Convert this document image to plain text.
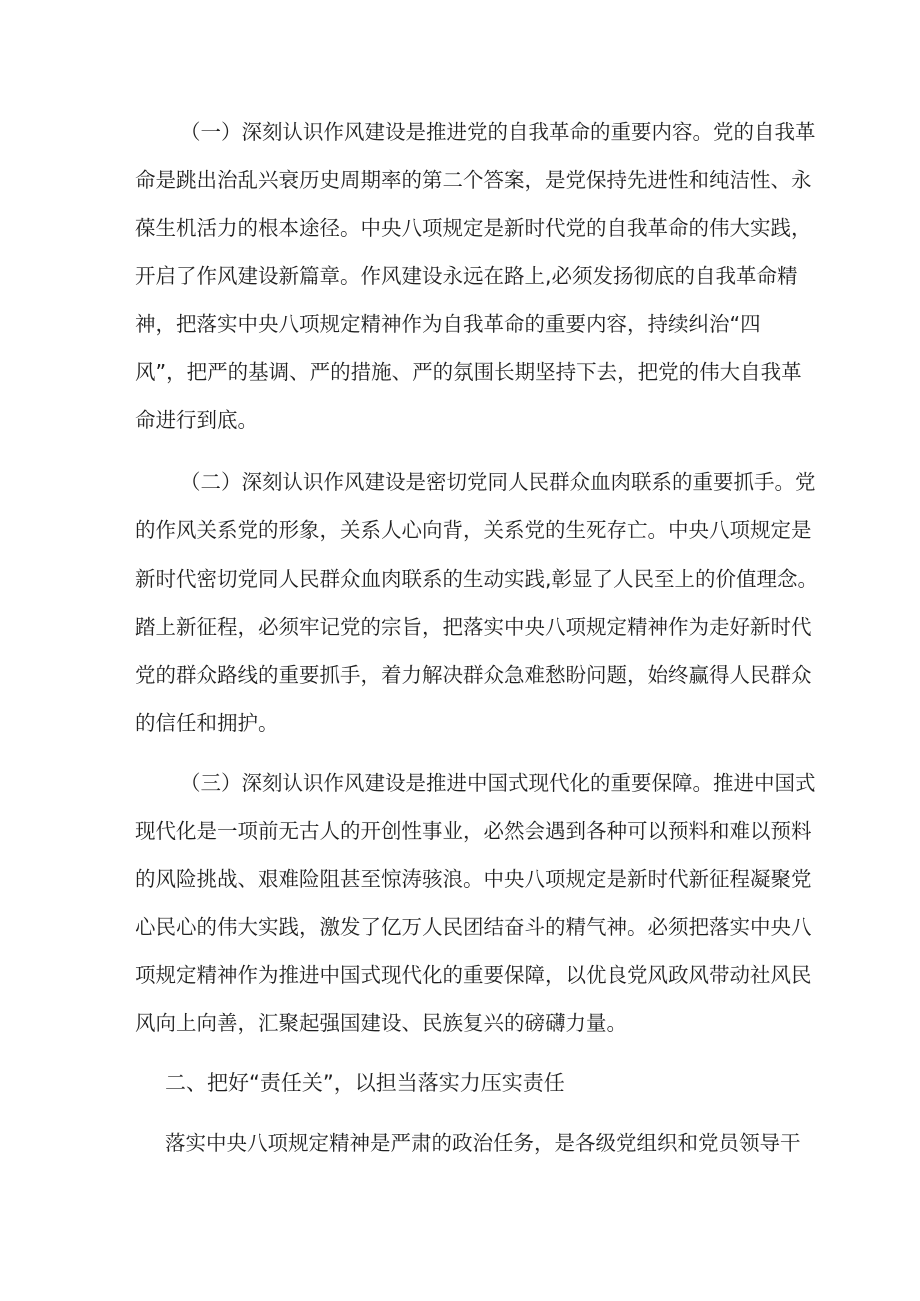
（一）深刻认识作风建设是推进党的自我革命的重要内容。党的自我革

命是跳出治乱兴衰历史周期率的第二个答案，是党保持先进性和纯洁性、永

葆生机活力的根本途径。中央八项规定是新时代党的自我革命的伟大实践，

开启了作风建设新篇章。作风建设永远在路上,必须发扬彻底的自我革命精

神，把落实中央八项规定精神作为自我革命的重要内容，持续纠治“四

风”，把严的基调、严的措施、严的氛围长期坚持下去，把党的伟大自我革

命进行到底。

（二）深刻认识作风建设是密切党同人民群众血肉联系的重要抓手。党

的作风关系党的形象，关系人心向背，关系党的生死存亡。中央八项规定是

新时代密切党同人民群众血肉联系的生动实践,彰显了人民至上的价值理念。

踏上新征程，必须牢记党的宗旨，把落实中央八项规定精神作为走好新时代

党的群众路线的重要抓手，着力解决群众急难愁盼问题，始终赢得人民群众

的信任和拥护。

（三）深刻认识作风建设是推进中国式现代化的重要保障。推进中国式

现代化是一项前无古人的开创性事业，必然会遇到各种可以预料和难以预料

的风险挑战、艰难险阻甚至惊涛骇浪。中央八项规定是新时代新征程凝聚党

心民心的伟大实践，激发了亿万人民团结奋斗的精气神。必须把落实中央八

项规定精神作为推进中国式现代化的重要保障，以优良党风政风带动社风民

风向上向善，汇聚起强国建设、民族复兴的磅礴力量。

二、把好“责任关”，以担当落实力压实责任

落实中央八项规定精神是严肃的政治任务，是各级党组织和党员领导干
